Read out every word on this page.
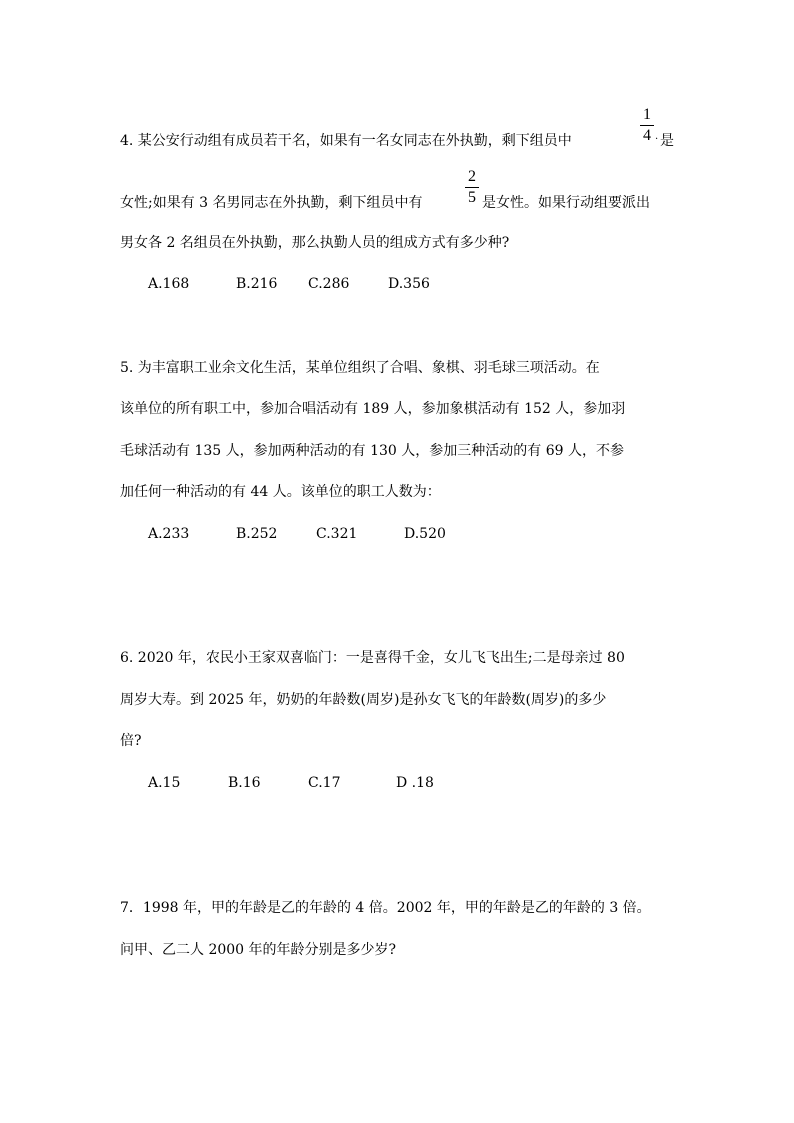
4. 某公安行动组有成员若干名，如果有一名女同志在外执勤，剩下组员中
1
4 . 是
女性;如果有 3 名男同志在外执勤，剩下组员中有
2
5 是女性。如果行动组要派出
男女各 2 名组员在外执勤，那么执勤人员的组成方式有多少种?
A.168	B.216 C.286	D.356
5. 为丰富职工业余文化生活，某单位组织了合唱、象棋、羽毛球三项活动。在
该单位的所有职工中，参加合唱活动有 189 人，参加象棋活动有 152 人，参加羽
毛球活动有 135 人，参加两种活动的有 130 人，参加三种活动的有 69 人，不参
加任何一种活动的有 44 人。该单位的职工人数为：
A.233	B.252	C.321	D.520
6. 2020 年，农民小王家双喜临门：一是喜得千金，女儿飞飞出生;二是母亲过 80
周岁大寿。到 2025 年，奶奶的年龄数(周岁)是孙女飞飞的年龄数(周岁)的多少
倍?
A.15	B.16	C.17	D .18
7．1998 年，甲的年龄是乙的年龄的 4 倍。2002 年，甲的年龄是乙的年龄的 3 倍。
问甲、乙二人 2000 年的年龄分别是多少岁?
